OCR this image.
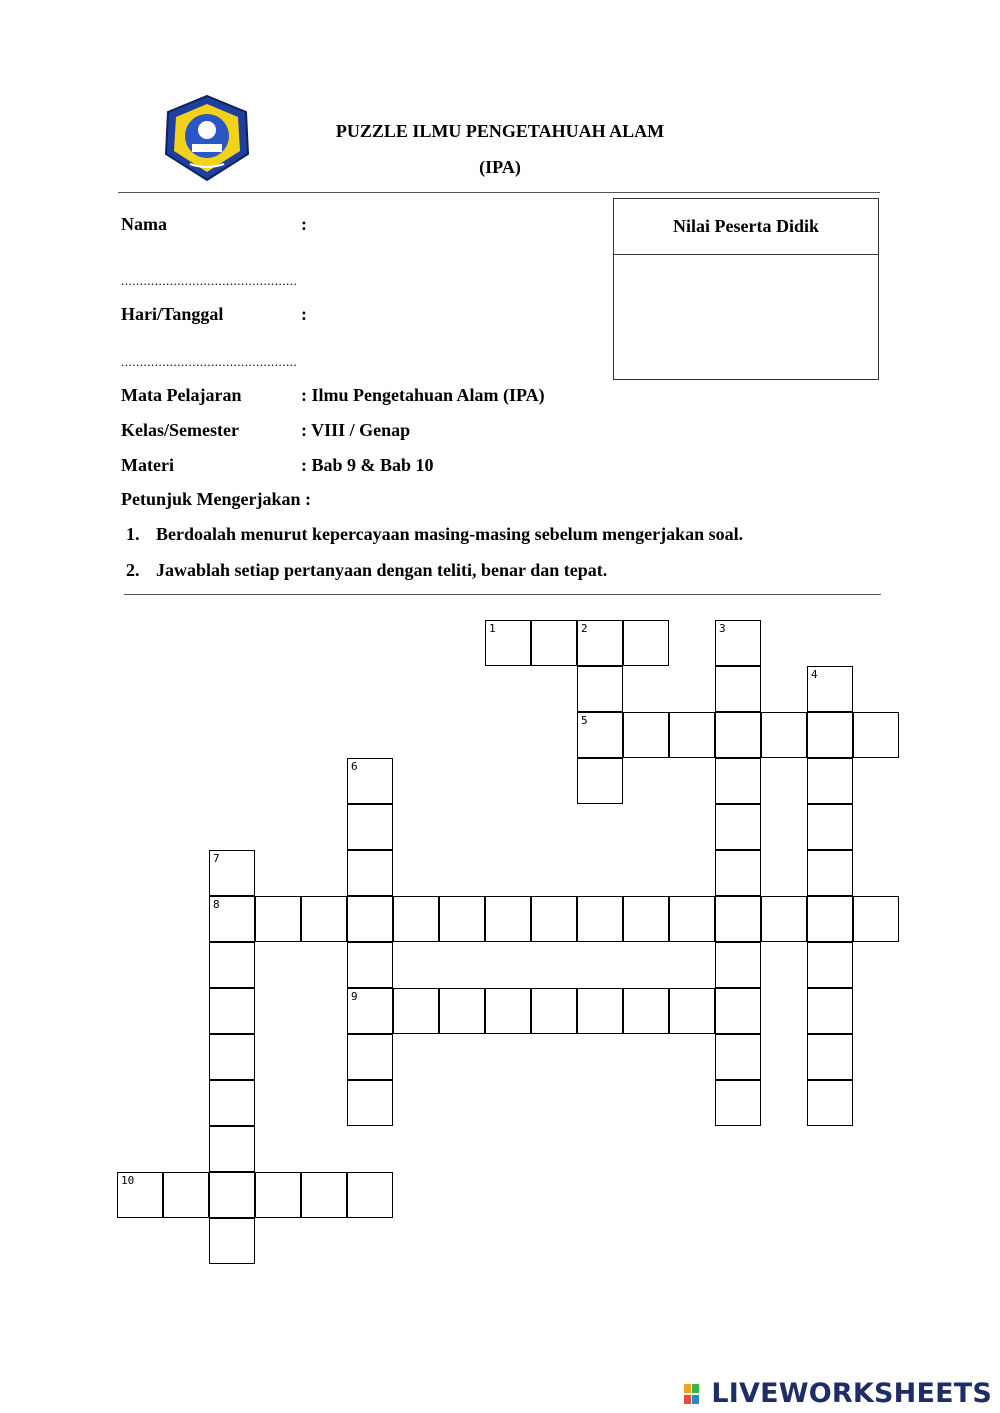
PUZZLE ILMU PENGETAHUAH ALAM
(IPA)
Nama	:
...............................................
Hari/Tanggal	:
...............................................
Mata Pelajaran	: Ilmu Pengetahuan Alam (IPA)
Kelas/Semester	: VIII / Genap
Materi	: Bab 9 & Bab 10
Petunjuk Mengerjakan :
Nilai Peserta Didik
1. Berdoalah menurut kepercayaan masing-masing sebelum mengerjakan soal.
2. Jawablah setiap pertanyaan dengan teliti, benar dan tepat.
1	2
5
3
4
6
9
7
8
10
LIVEWORKSHEETS
